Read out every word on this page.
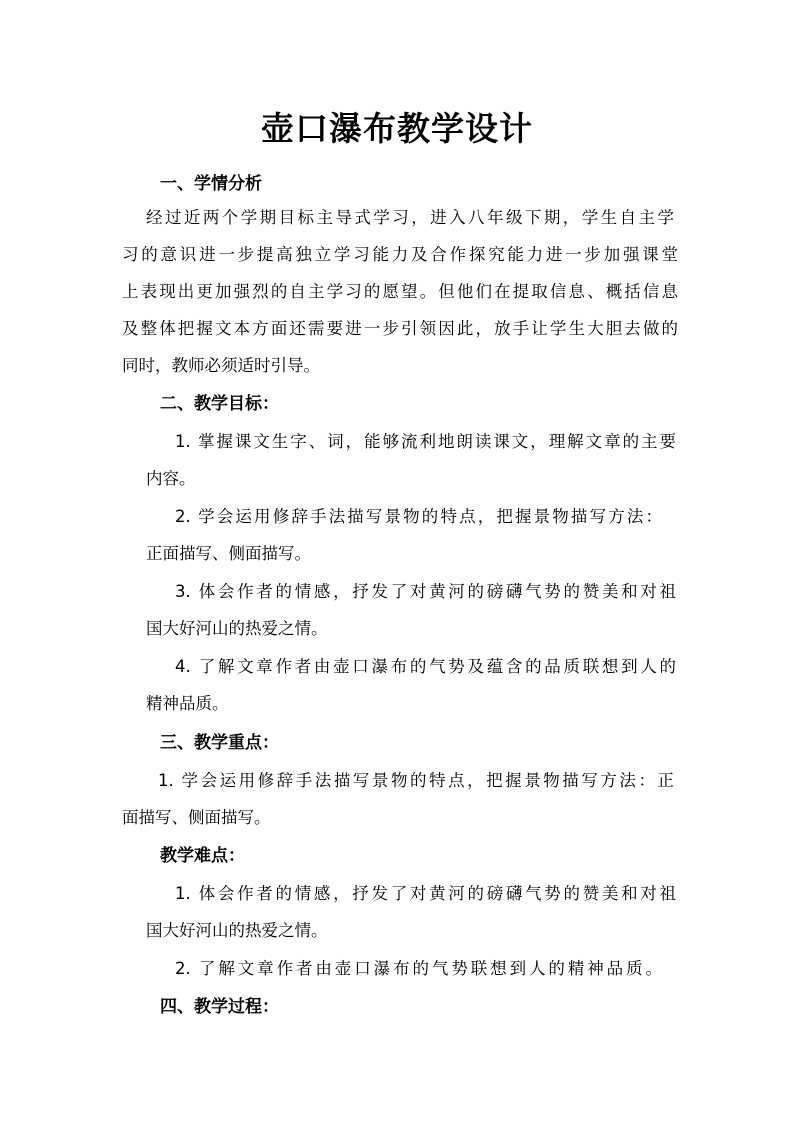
壶口瀑布教学设计
一、学情分析
经过近两个学期目标主导式学习，进入八年级下期，学生自主学
习的意识进一步提高独立学习能力及合作探究能力进一步加强课堂
上表现出更加强烈的自主学习的愿望。但他们在提取信息、概括信息
及整体把握文本方面还需要进一步引领因此，放手让学生大胆去做的
同时，教师必须适时引导。
二、教学目标：
1. 掌握课文生字、词，能够流利地朗读课文，理解文章的主要
内容。
2. 学会运用修辞手法描写景物的特点，把握景物描写方法：
正面描写、侧面描写。
3. 体会作者的情感，抒发了对黄河的磅礴气势的赞美和对祖
国大好河山的热爱之情。
4. 了解文章作者由壶口瀑布的气势及蕴含的品质联想到人的
精神品质。
三、教学重点：
1. 学会运用修辞手法描写景物的特点，把握景物描写方法：正
面描写、侧面描写。
教学难点：
1. 体会作者的情感，抒发了对黄河的磅礴气势的赞美和对祖
国大好河山的热爱之情。
2. 了解文章作者由壶口瀑布的气势联想到人的精神品质。
四、教学过程：
